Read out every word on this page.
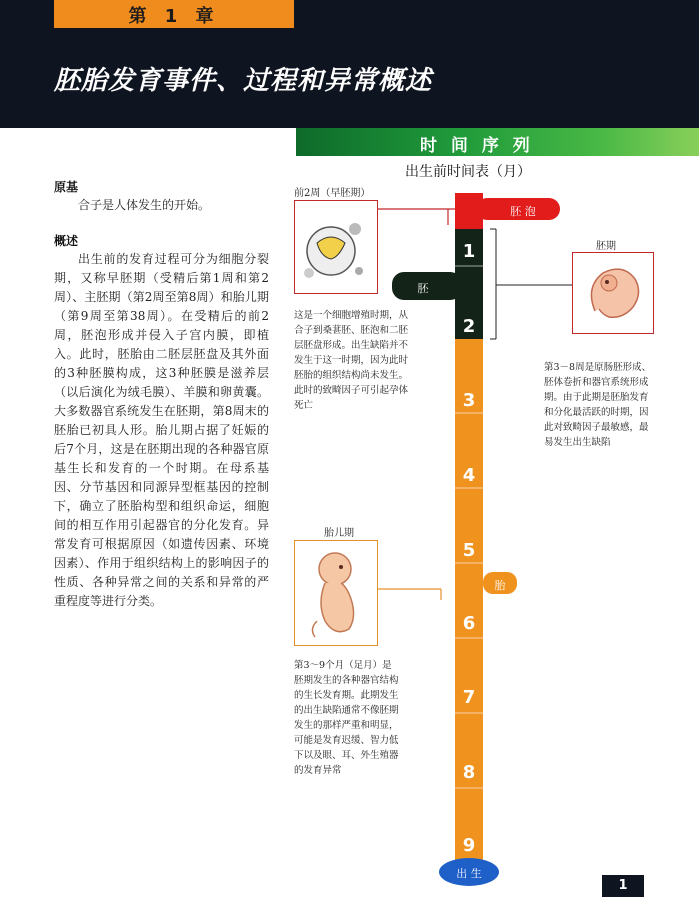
第 1 章
胚胎发育事件、过程和异常概述
时 间 序 列
出生前时间表（月）
原基
合子是人体发生的开始。
概述
出生前的发育过程可分为细胞分裂期，又称早胚期（受精后第1周和第2周）、主胚期（第2周至第8周）和胎儿期（第9周至第38周）。在受精后的前2周，胚泡形成并侵入子宫内膜，即植入。此时，胚胎由二胚层胚盘及其外面的3种胚膜构成，这3种胚膜是滋养层（以后演化为绒毛膜）、羊膜和卵黄囊。大多数器官系统发生在胚期，第8周末的胚胎已初具人形。胎儿期占据了妊娠的后7个月，这是在胚期出现的各种器官原基生长和发育的一个时期。在母系基因、分节基因和同源异型框基因的控制下，确立了胚胎构型和组织命运，细胞间的相互作用引起器官的分化发育。异常发育可根据原因（如遗传因素、环境因素）、作用于组织结构上的影响因子的性质、各种异常之间的关系和异常的严重程度等进行分类。
1
2
3
4
5
6
7
8
9
胚 泡
胚
胎
出 生
前2周（早胚期）
这是一个细胞增殖时期，从合子到桑葚胚、胚泡和二胚层胚盘形成。出生缺陷并不发生于这一时期，因为此时胚胎的组织结构尚未发生。此时的致畸因子可引起孕体死亡
胚期
第3－8周是原肠胚形成、胚体卷折和器官系统形成期。由于此期是胚胎发育和分化最活跃的时期，因此对致畸因子最敏感，最易发生出生缺陷
胎儿期
第3～9个月（足月）是胚期发生的各种器官结构的生长发育期。此期发生的出生缺陷通常不像胚期发生的那样严重和明显，可能是发育迟缓、智力低下以及眼、耳、外生殖器的发育异常
1
